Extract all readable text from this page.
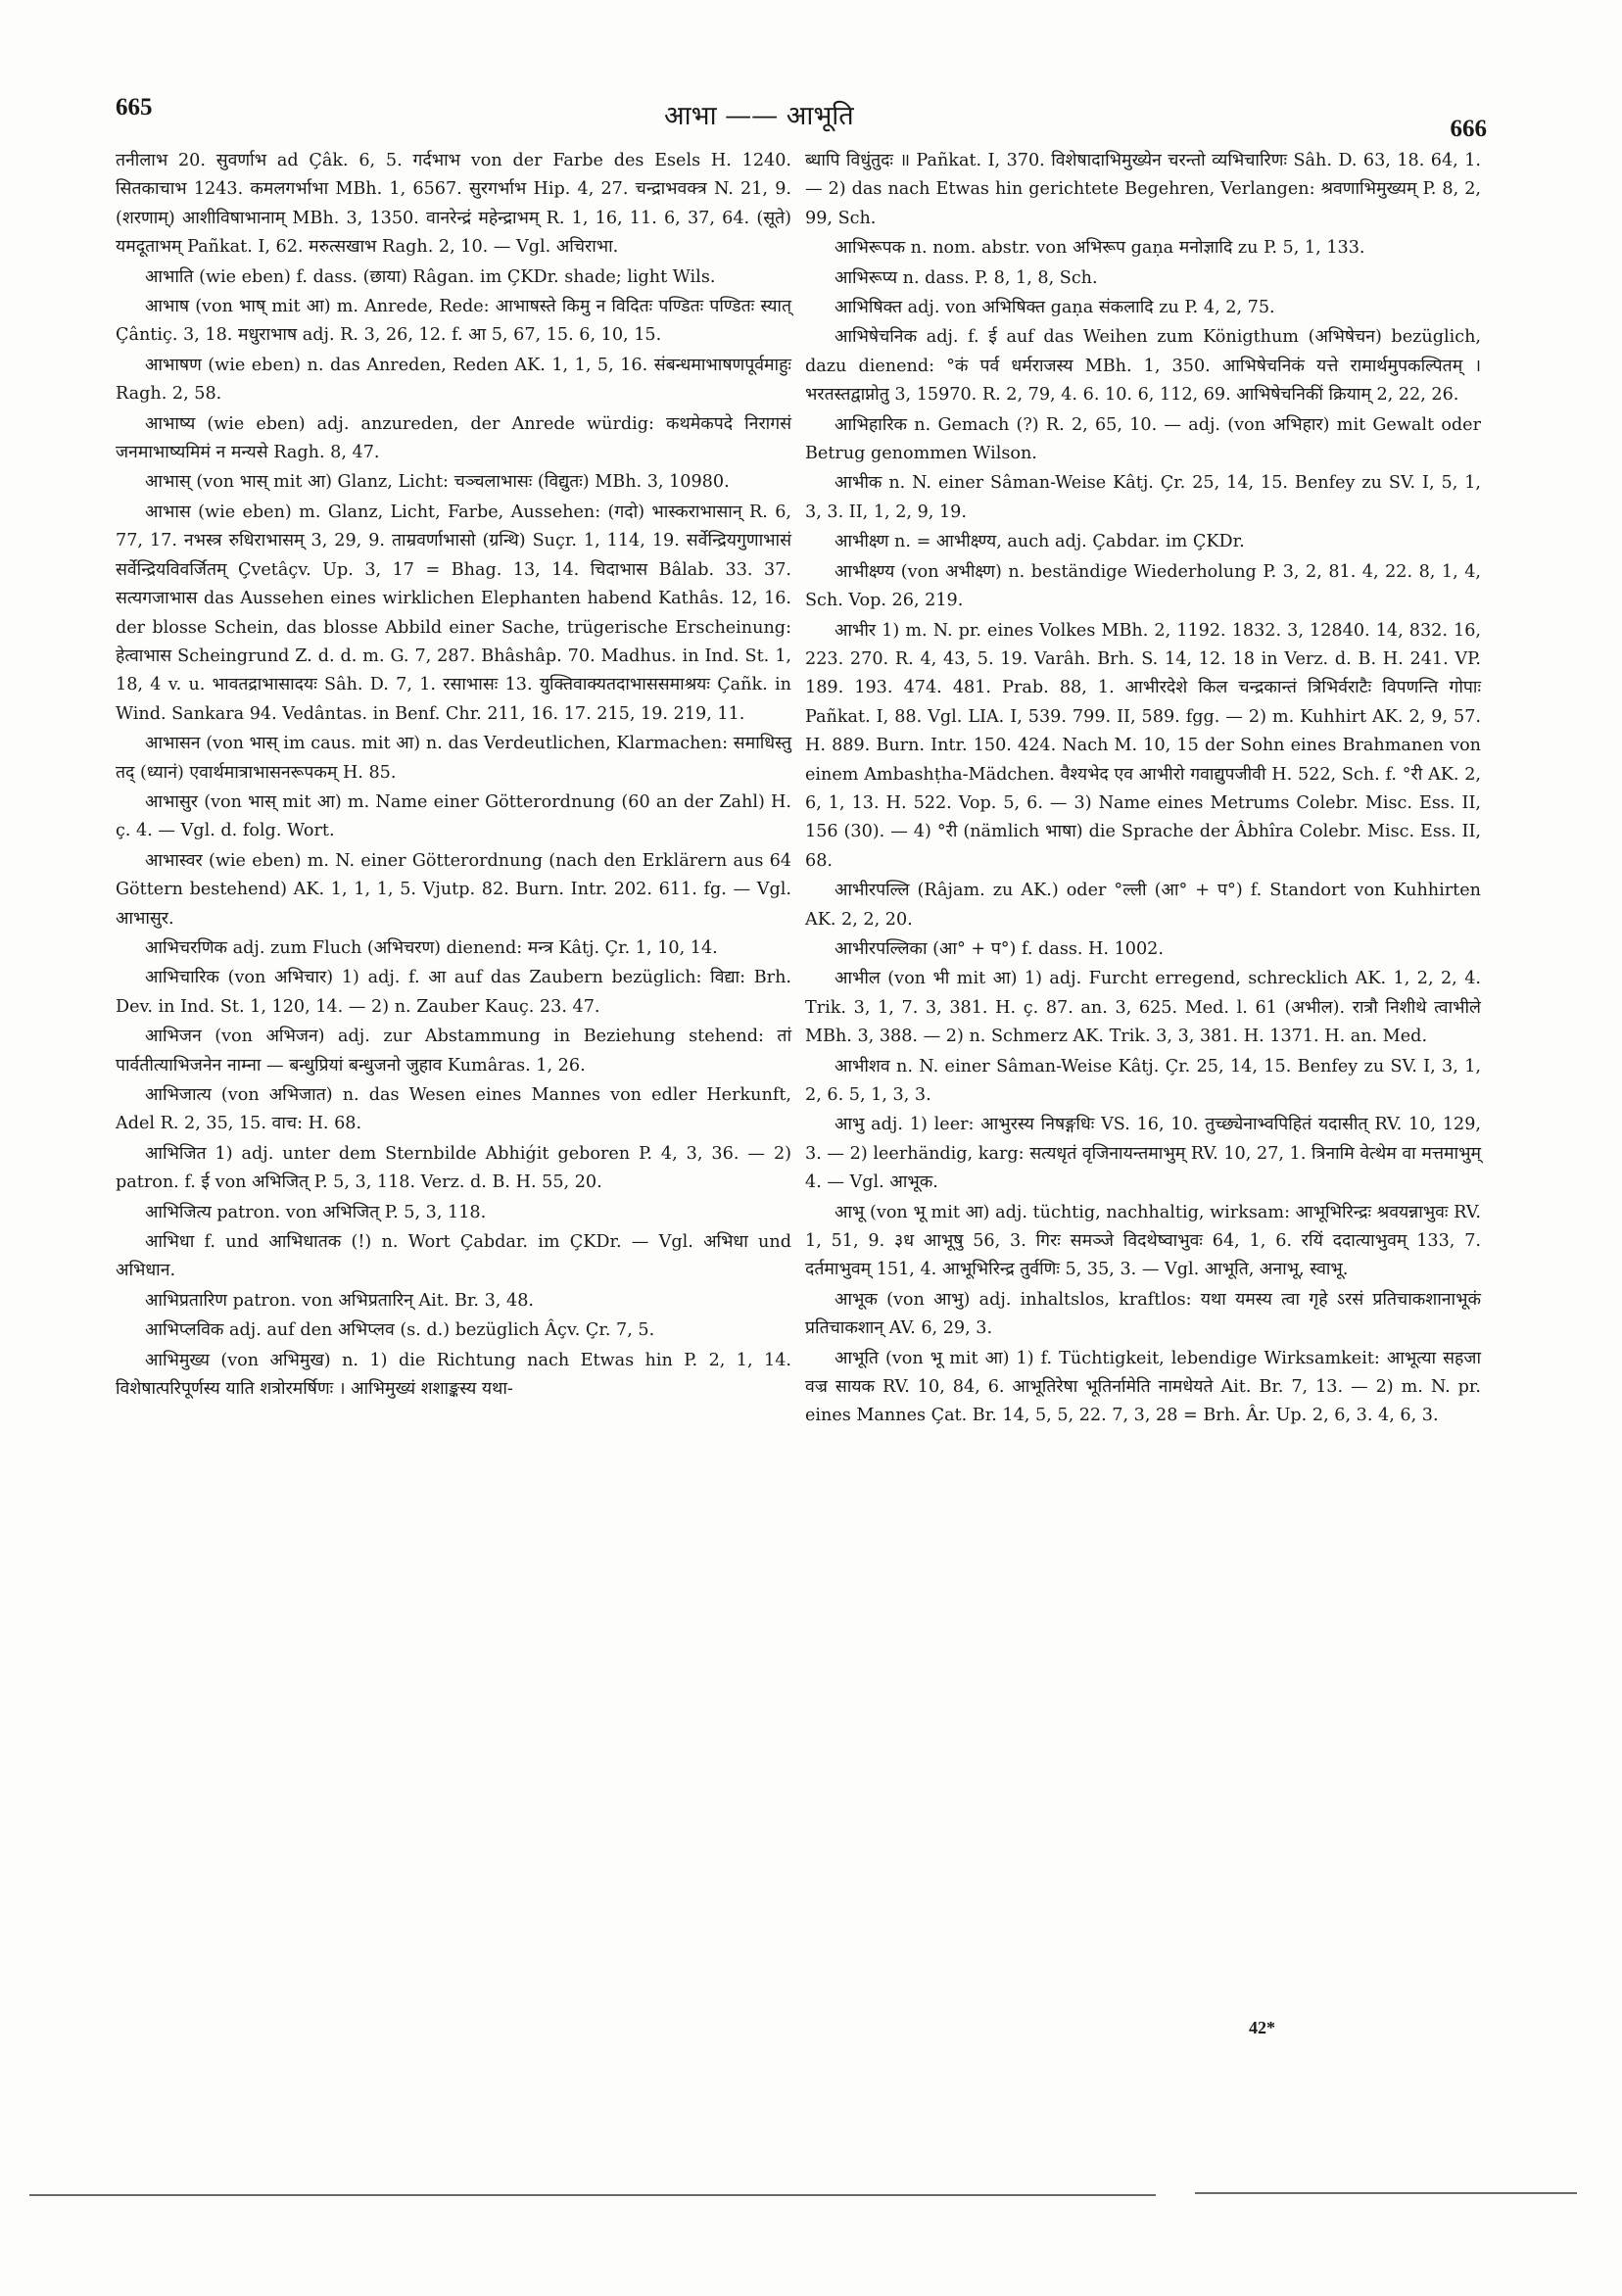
665	आभा —— आभूति	666

तनीलाभ 20. सुवर्णाभ ad Çâk. 6, 5. गर्दभाभ von der Farbe des Esels H. 1240. सितकाचाभ 1243. कमलगर्भाभा MBh. 1, 6567. सुरगर्भाभ Hip. 4, 27. चन्द्राभवक्त्र N. 21, 9. (शरणाम्) आशीविषाभानाम् MBh. 3, 1350. वानरेन्द्रं महेन्द्राभम् R. 1, 16, 11. 6, 37, 64. (सूते) यमदूताभम् Pañkat. I, 62. मरुत्सखाभ Ragh. 2, 10. — Vgl. अचिराभा.

आभाति (wie eben) f. dass. (छाया) Râgan. im ÇKDr. shade; light Wils.

आभाष (von भाष् mit आ) m. Anrede, Rede: आभाषस्ते किमु न विदितः पण्डितः पण्डितः स्यात् Çântiç. 3, 18. मधुराभाष adj. R. 3, 26, 12. f. आ 5, 67, 15. 6, 10, 15.

आभाषण (wie eben) n. das Anreden, Reden AK. 1, 1, 5, 16. संबन्धमाभाषणपूर्वमाहुः Ragh. 2, 58.

आभाष्य (wie eben) adj. anzureden, der Anrede würdig: कथमेकपदे निरागसं जनमाभाष्यमिमं न मन्यसे Ragh. 8, 47.

आभास् (von भास् mit आ) Glanz, Licht: चञ्चलाभासः (विद्युतः) MBh. 3, 10980.

आभास (wie eben) m. Glanz, Licht, Farbe, Aussehen: (गदो) भास्कराभासान् R. 6, 77, 17. नभस्त्र रुधिराभासम् 3, 29, 9. ताम्रवर्णाभासो (ग्रन्थि) Suçr. 1, 114, 19. सर्वेन्द्रियगुणाभासं सर्वेन्द्रियविवर्जितम् Çvetâçv. Up. 3, 17 = Bhag. 13, 14. चिदाभास Bâlab. 33. 37. सत्यगजाभास das Aussehen eines wirklichen Elephanten habend Kathâs. 12, 16. der blosse Schein, das blosse Abbild einer Sache, trügerische Erscheinung: हेत्वाभास Scheingrund Z. d. d. m. G. 7, 287. Bhâshâp. 70. Madhus. in Ind. St. 1, 18, 4 v. u. भावतद्राभासादयः Sâh. D. 7, 1. रसाभासः 13. युक्तिवाक्यतदाभाससमाश्रयः Çañk. in Wind. Sankara 94. Vedântas. in Benf. Chr. 211, 16. 17. 215, 19. 219, 11.

आभासन (von भास् im caus. mit आ) n. das Verdeutlichen, Klarmachen: समाधिस्तु तद् (ध्यानं) एवार्थमात्राभासनरूपकम् H. 85.

आभासुर (von भास् mit आ) m. Name einer Götterordnung (60 an der Zahl) H. ç. 4. — Vgl. d. folg. Wort.

आभास्वर (wie eben) m. N. einer Götterordnung (nach den Erklärern aus 64 Göttern bestehend) AK. 1, 1, 1, 5. Vjutp. 82. Burn. Intr. 202. 611. fg. — Vgl. आभासुर.

आभिचरणिक adj. zum Fluch (अभिचरण) dienend: मन्त्र Kâtj. Çr. 1, 10, 14.

आभिचारिक (von अभिचार) 1) adj. f. आ auf das Zaubern bezüglich: विद्या: Brh. Dev. in Ind. St. 1, 120, 14. — 2) n. Zauber Kauç. 23. 47.

आभिजन (von अभिजन) adj. zur Abstammung in Beziehung stehend: तां पार्वतीत्याभिजनेन नाम्ना — बन्धुप्रियां बन्धुजनो जुहाव Kumâras. 1, 26.

आभिजात्य (von अभिजात) n. das Wesen eines Mannes von edler Herkunft, Adel R. 2, 35, 15. वाच: H. 68.

आभिजित 1) adj. unter dem Sternbilde Abhiǵit geboren P. 4, 3, 36. — 2) patron. f. ई von अभिजित् P. 5, 3, 118. Verz. d. B. H. 55, 20.

आभिजित्य patron. von अभिजित् P. 5, 3, 118.

आभिधा f. und आभिधातक (!) n. Wort Çabdar. im ÇKDr. — Vgl. अभिधा und अभिधान.

आभिप्रतारिण patron. von अभिप्रतारिन् Ait. Br. 3, 48.

आभिप्लविक adj. auf den अभिप्लव (s. d.) bezüglich Âçv. Çr. 7, 5.

आभिमुख्य (von अभिमुख) n. 1) die Richtung nach Etwas hin P. 2, 1, 14. विशेषात्परिपूर्णस्य याति शत्रोरमर्षिणः । आभिमुख्यं शशाङ्कस्य यथा-

ब्धापि विधुंतुदः ॥ Pañkat. I, 370. विशेषादाभिमुख्येन चरन्तो व्यभिचारिणः Sâh. D. 63, 18. 64, 1. — 2) das nach Etwas hin gerichtete Begehren, Verlangen: श्रवणाभिमुख्यम् P. 8, 2, 99, Sch.

आभिरूपक n. nom. abstr. von अभिरूप gaṇa मनोज्ञादि zu P. 5, 1, 133.

आभिरूप्य n. dass. P. 8, 1, 8, Sch.

आभिषिक्त adj. von अभिषिक्त gaṇa संकलादि zu P. 4, 2, 75.

आभिषेचनिक adj. f. ई auf das Weihen zum Königthum (अभिषेचन) bezüglich, dazu dienend: °कं पर्व धर्मराजस्य MBh. 1, 350. आभिषेचनिकं यत्ते रामार्थमुपकल्पितम् । भरतस्तद्वाप्नोतु 3, 15970. R. 2, 79, 4. 6. 10. 6, 112, 69. आभिषेचनिकीं क्रियाम् 2, 22, 26.

आभिहारिक n. Gemach (?) R. 2, 65, 10. — adj. (von अभिहार) mit Gewalt oder Betrug genommen Wilson.

आभीक n. N. einer Sâman-Weise Kâtj. Çr. 25, 14, 15. Benfey zu SV. I, 5, 1, 3, 3. II, 1, 2, 9, 19.

आभीक्ष्ण n. = आभीक्ष्ण्य, auch adj. Çabdar. im ÇKDr.

आभीक्ष्ण्य (von अभीक्ष्ण) n. beständige Wiederholung P. 3, 2, 81. 4, 22. 8, 1, 4, Sch. Vop. 26, 219.

आभीर 1) m. N. pr. eines Volkes MBh. 2, 1192. 1832. 3, 12840. 14, 832. 16, 223. 270. R. 4, 43, 5. 19. Varâh. Brh. S. 14, 12. 18 in Verz. d. B. H. 241. VP. 189. 193. 474. 481. Prab. 88, 1. आभीरदेशे किल चन्द्रकान्तं त्रिभिर्वराटैः विपणन्ति गोपाः Pañkat. I, 88. Vgl. LIA. I, 539. 799. II, 589. fgg. — 2) m. Kuhhirt AK. 2, 9, 57. H. 889. Burn. Intr. 150. 424. Nach M. 10, 15 der Sohn eines Brahmanen von einem Ambashṭha-Mädchen. वैश्यभेद एव आभीरो गवाद्युपजीवी H. 522, Sch. f. °री AK. 2, 6, 1, 13. H. 522. Vop. 5, 6. — 3) Name eines Metrums Colebr. Misc. Ess. II, 156 (30). — 4) °री (nämlich भाषा) die Sprache der Âbhîra Colebr. Misc. Ess. II, 68.

आभीरपल्लि (Râjam. zu AK.) oder °ल्ली (आ° + प°) f. Standort von Kuhhirten AK. 2, 2, 20.

आभीरपल्लिका (आ° + प°) f. dass. H. 1002.

आभील (von भी mit आ) 1) adj. Furcht erregend, schrecklich AK. 1, 2, 2, 4. Trik. 3, 1, 7. 3, 381. H. ç. 87. an. 3, 625. Med. l. 61 (अभील). रात्रौ निशीथे त्वाभीले MBh. 3, 388. — 2) n. Schmerz AK. Trik. 3, 3, 381. H. 1371. H. an. Med.

आभीशव n. N. einer Sâman-Weise Kâtj. Çr. 25, 14, 15. Benfey zu SV. I, 3, 1, 2, 6. 5, 1, 3, 3.

आभु adj. 1) leer: आभुरस्य निषङ्गधिः VS. 16, 10. तुच्छ्येनाभ्वपिहितं यदासीत् RV. 10, 129, 3. — 2) leerhändig, karg: सत्यधृतं वृजिनायन्तमाभुम् RV. 10, 27, 1. त्रिनामि वेत्थेम वा मत्तमाभुम् 4. — Vgl. आभूक.

आभू (von भू mit आ) adj. tüchtig, nachhaltig, wirksam: आभूभिरिन्द्रः श्रवयन्नाभुवः RV. 1, 51, 9. ३ध आभूषु 56, 3. गिरः समञ्जे विदथेष्वाभुवः 64, 1, 6. रयिं ददात्याभुवम् 133, 7. दर्तमाभुवम् 151, 4. आभूभिरिन्द्र तुर्वणिः 5, 35, 3. — Vgl. आभूति, अनाभू, स्वाभू.

आभूक (von आभु) adj. inhaltslos, kraftlos: यथा यमस्य त्वा गृहे ऽरसं प्रतिचाकशानाभूकं प्रतिचाकशान् AV. 6, 29, 3.

आभूति (von भू mit आ) 1) f. Tüchtigkeit, lebendige Wirksamkeit: आभूत्या सहजा वज्र सायक RV. 10, 84, 6. आभूतिरेषा भूतिर्नामेति नामधेयते Ait. Br. 7, 13. — 2) m. N. pr. eines Mannes Çat. Br. 14, 5, 5, 22. 7, 3, 28 = Brh. Âr. Up. 2, 6, 3. 4, 6, 3.

42*
